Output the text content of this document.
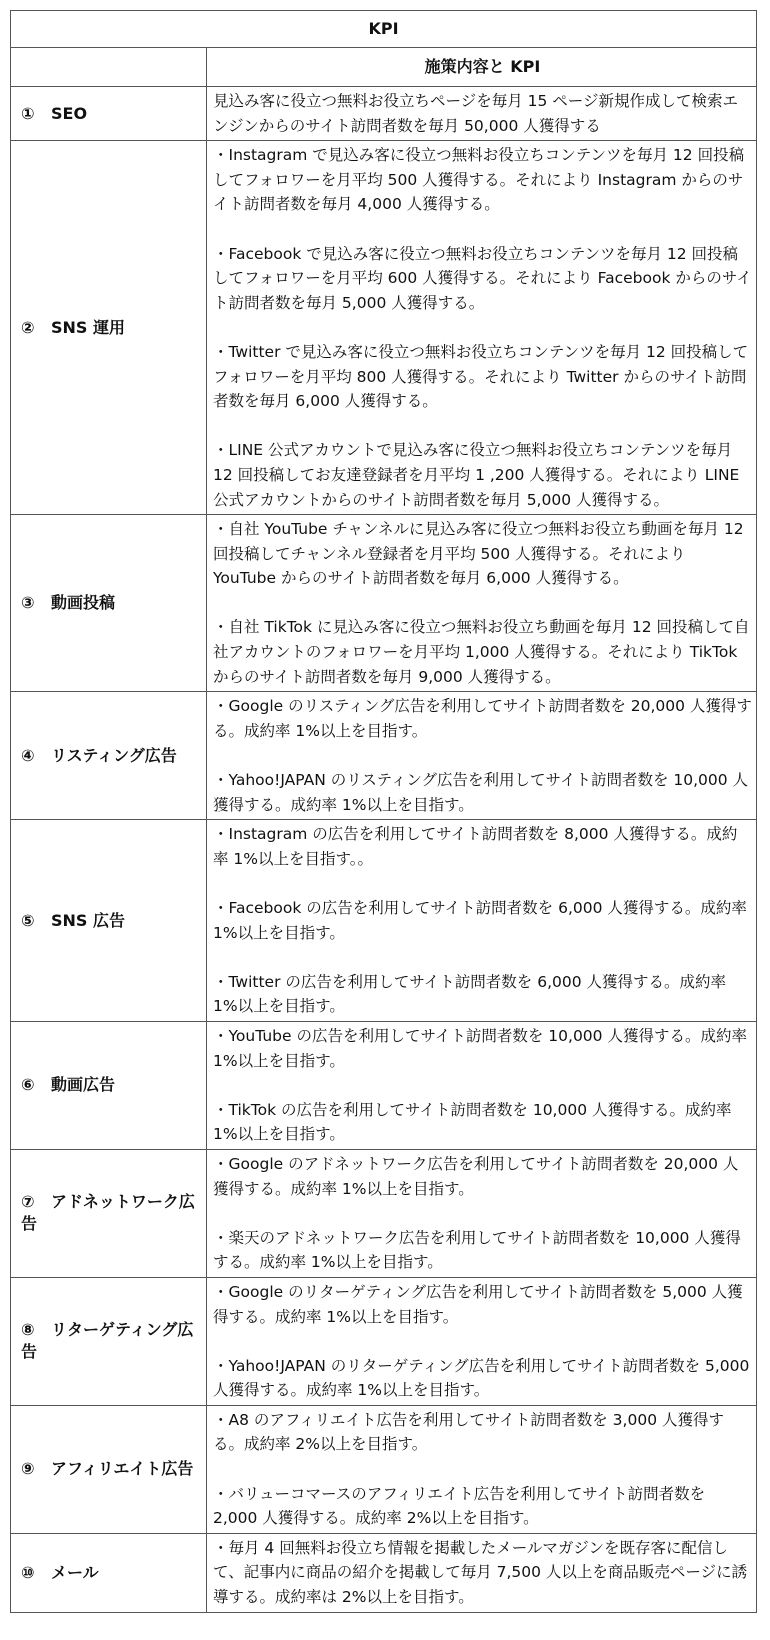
KPI	
	施策内容と KPI
① SEO	見込み客に役立つ無料お役立ちページを毎月 15 ページ新規作成して検索エンジンからのサイト訪問者数を毎月 50,000 人獲得する

② SNS 運用	・Instagram で見込み客に役立つ無料お役立ちコンテンツを毎月 12 回投稿してフォロワーを月平均 500 人獲得する。それにより Instagram からのサイト訪問者数を毎月 4,000 人獲得する。
・Facebook で見込み客に役立つ無料お役立ちコンテンツを毎月 12 回投稿してフォロワーを月平均 600 人獲得する。それにより Facebook からのサイト訪問者数を毎月 5,000 人獲得する。
・Twitter で見込み客に役立つ無料お役立ちコンテンツを毎月 12 回投稿してフォロワーを月平均 800 人獲得する。それにより Twitter からのサイト訪問者数を毎月 6,000 人獲得する。
・LINE 公式アカウントで見込み客に役立つ無料お役立ちコンテンツを毎月 12 回投稿してお友達登録者を月平均 1 ,200 人獲得する。それにより LINE 公式アカウントからのサイト訪問者数を毎月 5,000 人獲得する。

③ 動画投稿	・自社 YouTube チャンネルに見込み客に役立つ無料お役立ち動画を毎月 12 回投稿してチャンネル登録者を月平均 500 人獲得する。それにより YouTube からのサイト訪問者数を毎月 6,000 人獲得する。
・自社 TikTok に見込み客に役立つ無料お役立ち動画を毎月 12 回投稿して自社アカウントのフォロワーを月平均 1,000 人獲得する。それにより TikTok からのサイト訪問者数を毎月 9,000 人獲得する。

④ リスティング広告	・Google のリスティング広告を利用してサイト訪問者数を 20,000 人獲得する。成約率 1%以上を目指す。
・Yahoo!JAPAN のリスティング広告を利用してサイト訪問者数を 10,000 人獲得する。成約率 1%以上を目指す。

⑤ SNS 広告	・Instagram の広告を利用してサイト訪問者数を 8,000 人獲得する。成約率 1%以上を目指す。。
・Facebook の広告を利用してサイト訪問者数を 6,000 人獲得する。成約率 1%以上を目指す。
・Twitter の広告を利用してサイト訪問者数を 6,000 人獲得する。成約率 1%以上を目指す。

⑥ 動画広告	・YouTube の広告を利用してサイト訪問者数を 10,000 人獲得する。成約率 1%以上を目指す。
・TikTok の広告を利用してサイト訪問者数を 10,000 人獲得する。成約率 1%以上を目指す。

⑦ アドネットワーク広告	・Google のアドネットワーク広告を利用してサイト訪問者数を 20,000 人獲得する。成約率 1%以上を目指す。
・楽天のアドネットワーク広告を利用してサイト訪問者数を 10,000 人獲得する。成約率 1%以上を目指す。

⑧ リターゲティング広告	・Google のリターゲティング広告を利用してサイト訪問者数を 5,000 人獲得する。成約率 1%以上を目指す。
・Yahoo!JAPAN のリターゲティング広告を利用してサイト訪問者数を 5,000 人獲得する。成約率 1%以上を目指す。

⑨ アフィリエイト広告	・A8 のアフィリエイト広告を利用してサイト訪問者数を 3,000 人獲得する。成約率 2%以上を目指す。
・バリューコマースのアフィリエイト広告を利用してサイト訪問者数を 2,000 人獲得する。成約率 2%以上を目指す。

⑩ メール	・毎月 4 回無料お役立ち情報を掲載したメールマガジンを既存客に配信して、記事内に商品の紹介を掲載して毎月 7,500 人以上を商品販売ページに誘導する。成約率は 2%以上を目指す。
